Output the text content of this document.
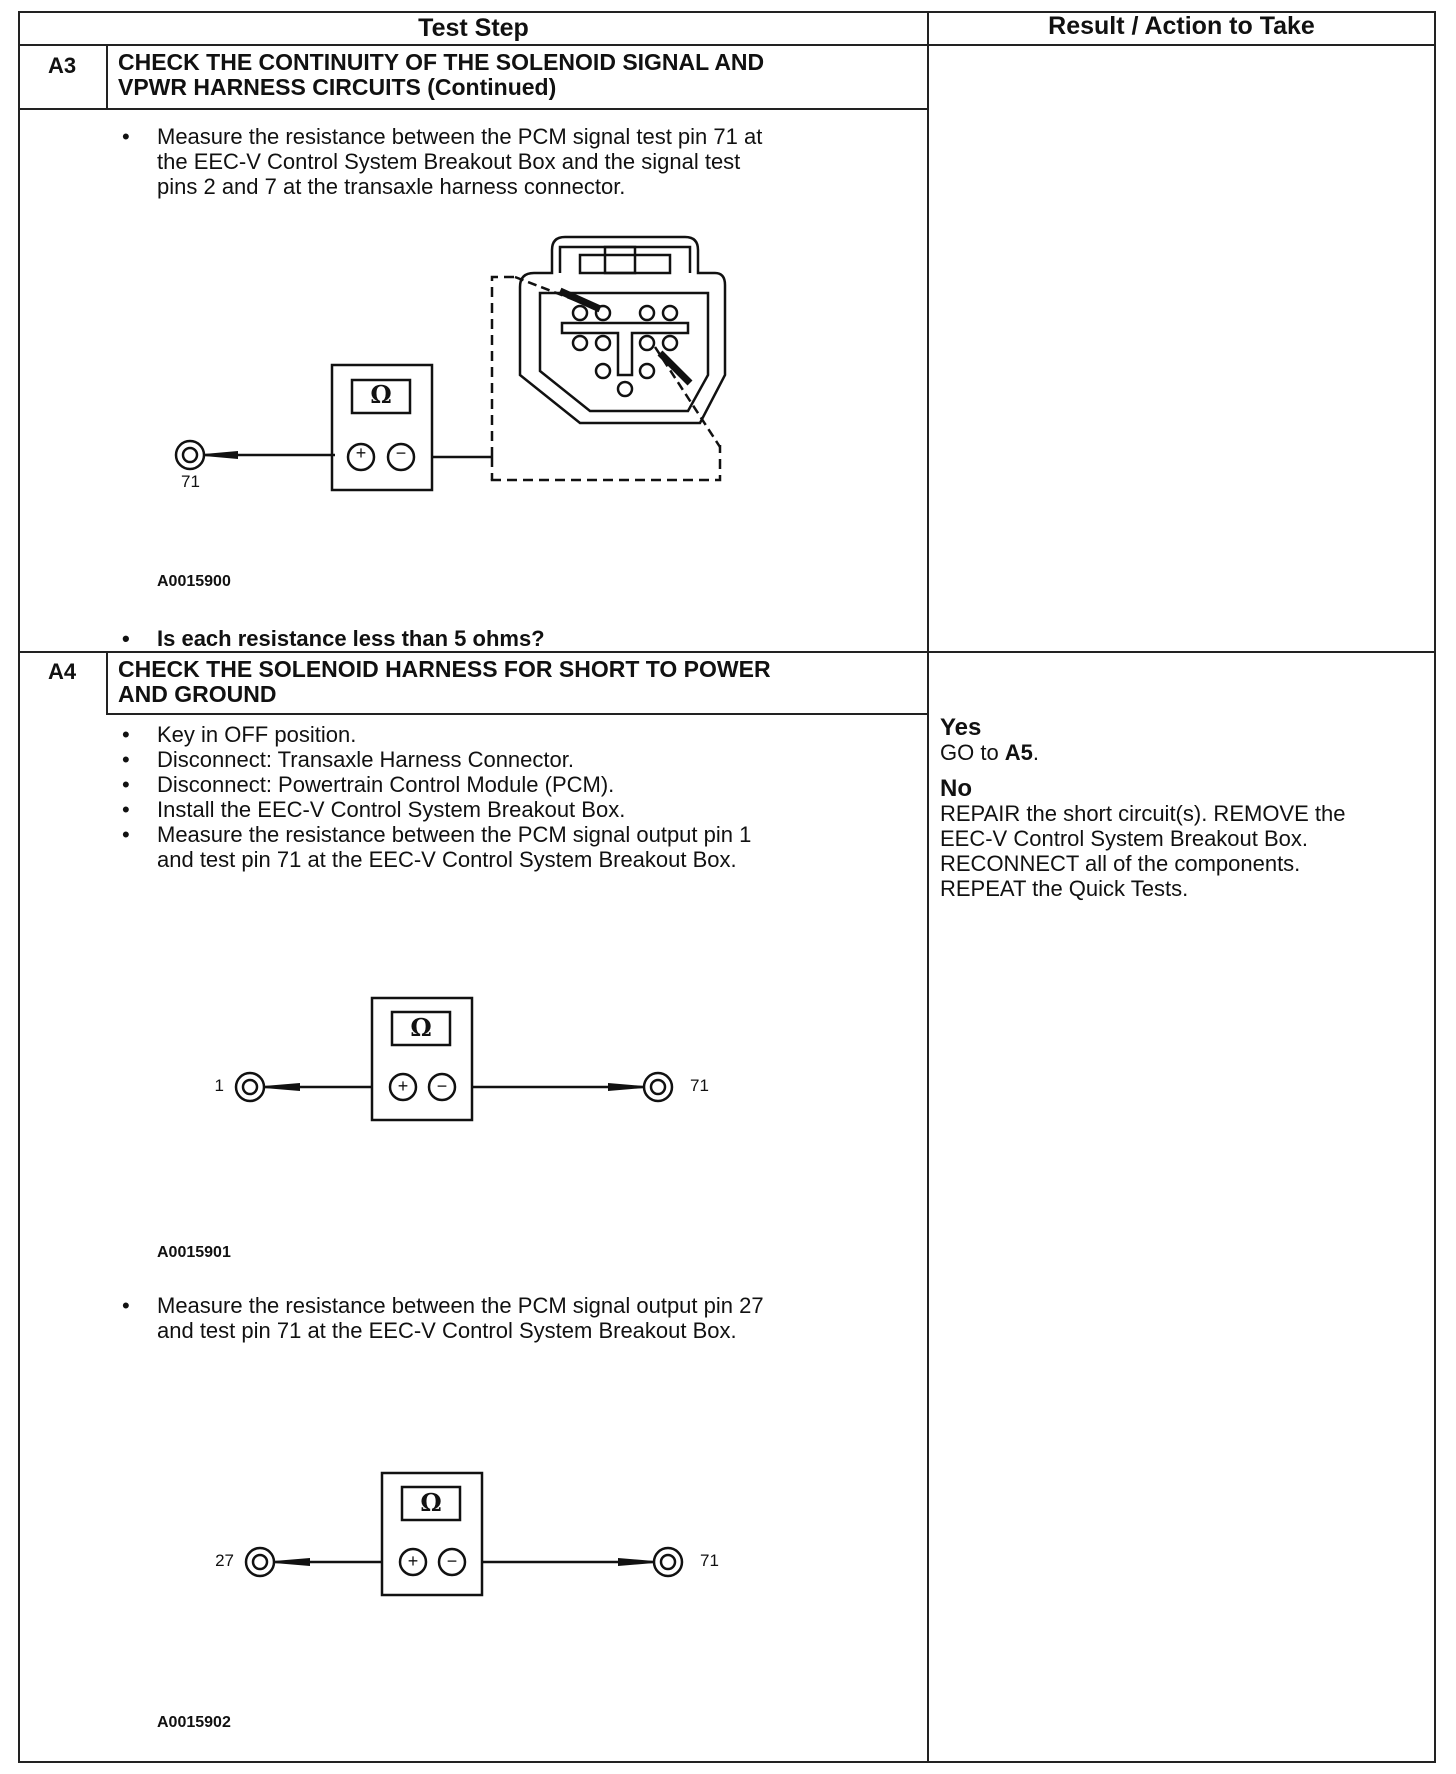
Test Step	Result / Action to Take
A3 CHECK THE CONTINUITY OF THE SOLENOID SIGNAL AND
VPWR HARNESS CIRCUITS (Continued)
• Measure the resistance between the PCM signal test pin 71 at
the EEC-V Control System Breakout Box and the signal test
pins 2 and 7 at the transaxle harness connector.
Ω
+	−
71
A0015900
• Is each resistance less than 5 ohms?
A4 CHECK THE SOLENOID HARNESS FOR SHORT TO POWER
AND GROUND
• Key in OFF position.
• Disconnect: Transaxle Harness Connector.
• Disconnect: Powertrain Control Module (PCM).
• Install the EEC-V Control System Breakout Box.
• Measure the resistance between the PCM signal output pin 1
and test pin 71 at the EEC-V Control System Breakout Box.
Ω
+	−
1	71
A0015901
• Measure the resistance between the PCM signal output pin 27
and test pin 71 at the EEC-V Control System Breakout Box.
Ω
+	−
27	71
A0015902
Yes
GO to A5.
No
REPAIR the short circuit(s). REMOVE the
EEC-V Control System Breakout Box.
RECONNECT all of the components.
REPEAT the Quick Tests.
